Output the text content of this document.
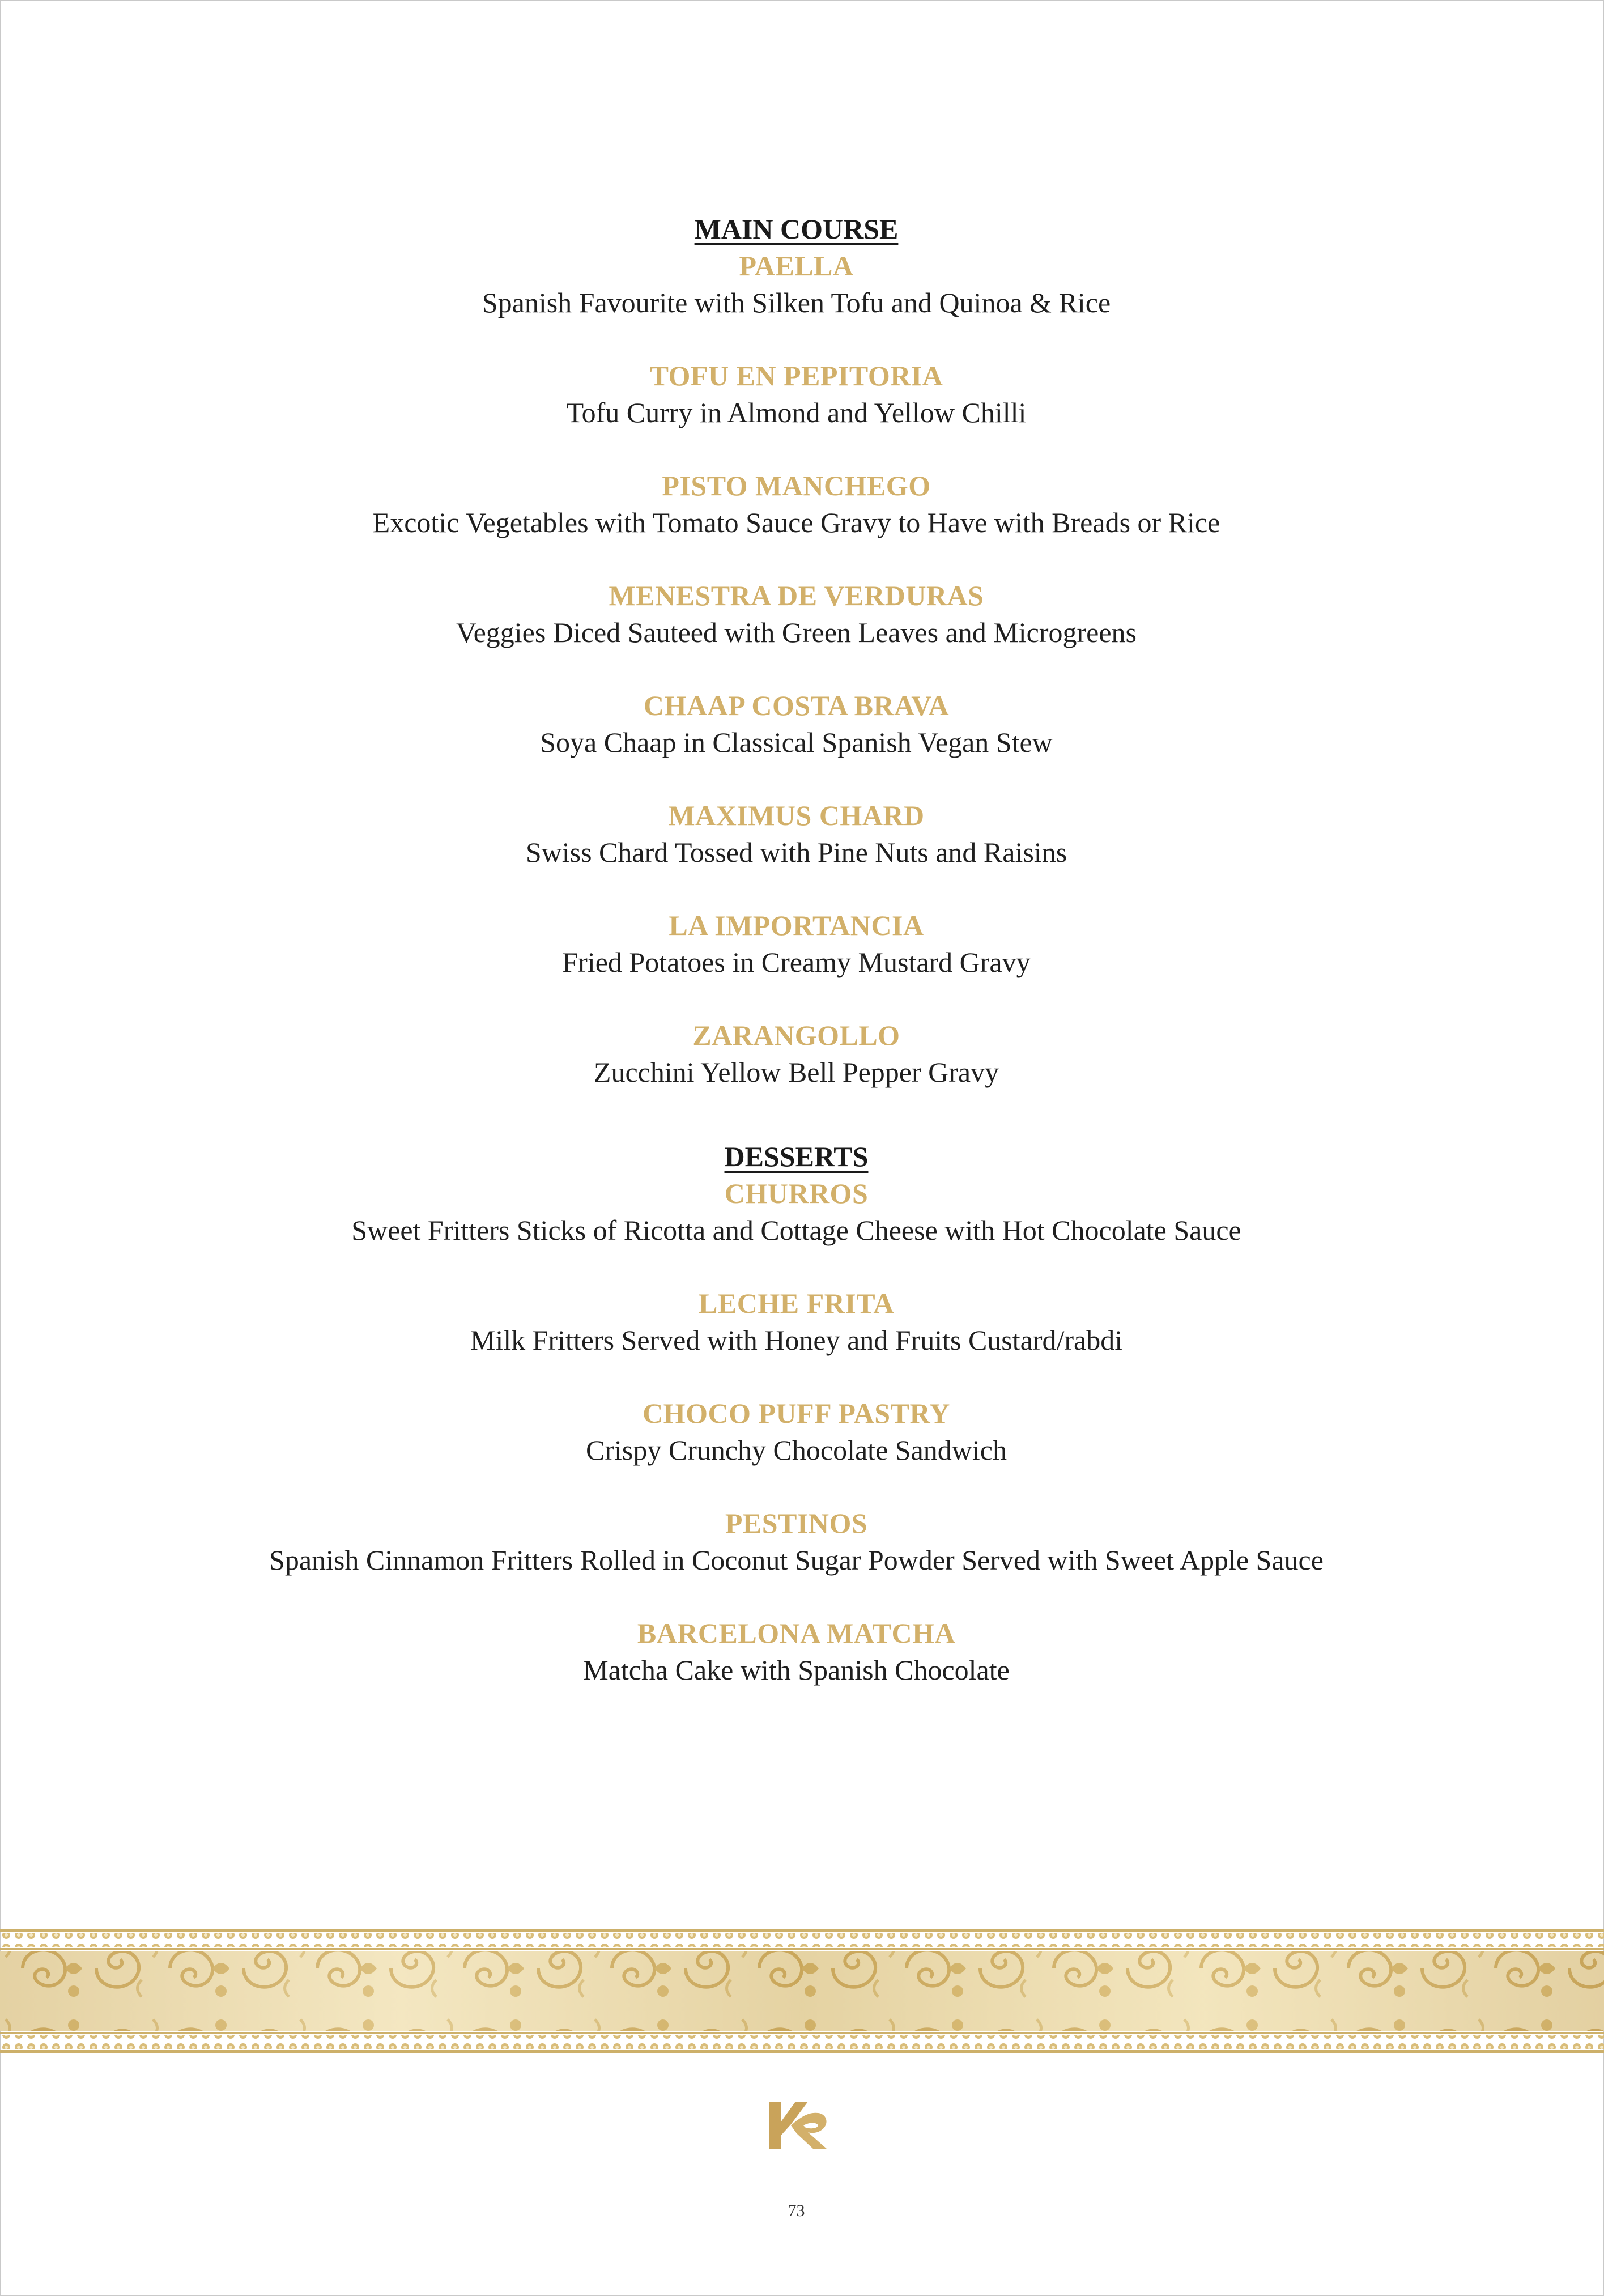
MAIN COURSE
PAELLA
Spanish Favourite with Silken Tofu and Quinoa & Rice
TOFU EN PEPITORIA
Tofu Curry in Almond and Yellow Chilli
PISTO MANCHEGO
Excotic Vegetables with Tomato Sauce Gravy to Have with Breads or Rice
MENESTRA DE VERDURAS
Veggies Diced Sauteed with Green Leaves and Microgreens
CHAAP COSTA BRAVA
Soya Chaap in Classical Spanish Vegan Stew
MAXIMUS CHARD
Swiss Chard Tossed with Pine Nuts and Raisins
LA IMPORTANCIA
Fried Potatoes in Creamy Mustard Gravy
ZARANGOLLO
Zucchini Yellow Bell Pepper Gravy
DESSERTS
CHURROS
Sweet Fritters Sticks of Ricotta and Cottage Cheese with Hot Chocolate Sauce
LECHE FRITA
Milk Fritters Served with Honey and Fruits Custard/rabdi
CHOCO PUFF PASTRY
Crispy Crunchy Chocolate Sandwich
PESTINOS
Spanish Cinnamon Fritters Rolled in Coconut Sugar Powder Served with Sweet Apple Sauce
BARCELONA MATCHA
Matcha Cake with Spanish Chocolate
73
